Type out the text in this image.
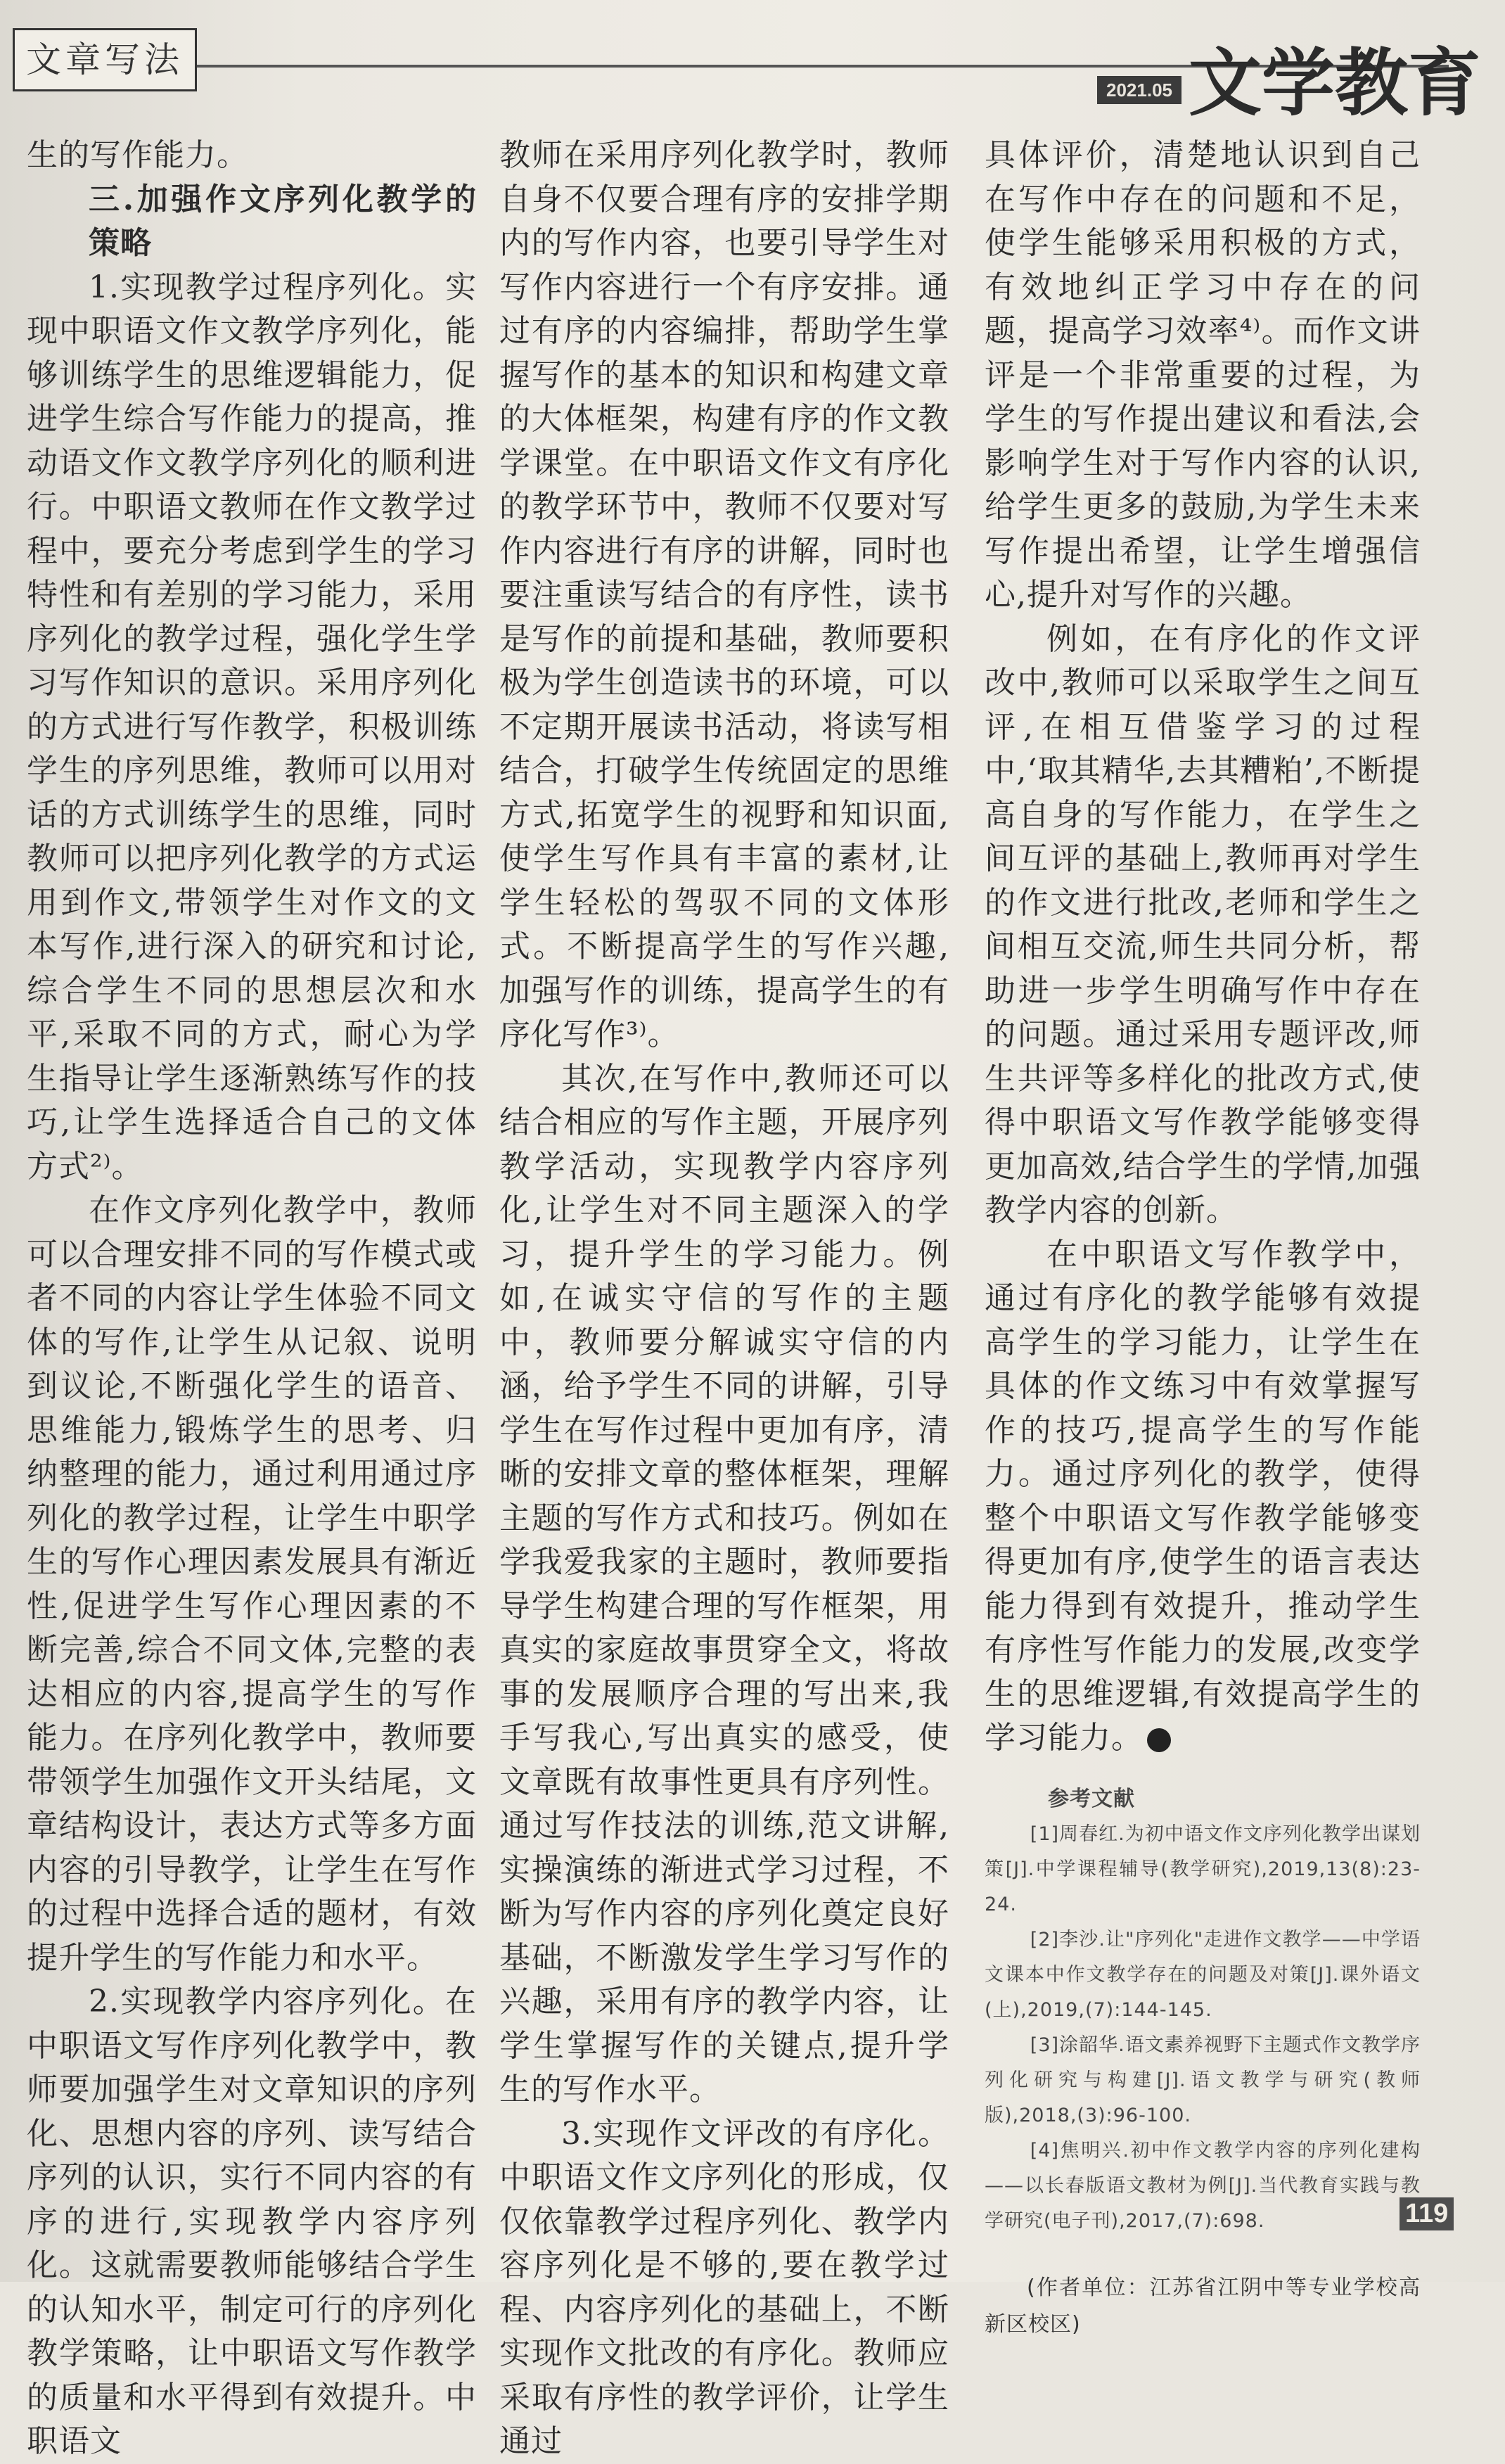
文章写法
2021.05 文学教育

生的写作能力。

三.加强作文序列化教学的策略

1.实现教学过程序列化。实现中职语文作文教学序列化，能够训练学生的思维逻辑能力，促进学生综合写作能力的提高，推动语文作文教学序列化的顺利进行。中职语文教师在作文教学过程中，要充分考虑到学生的学习特性和有差别的学习能力，采用序列化的教学过程，强化学生学习写作知识的意识。采用序列化的方式进行写作教学，积极训练学生的序列思维，教师可以用对话的方式训练学生的思维，同时教师可以把序列化教学的方式运用到作文,带领学生对作文的文本写作,进行深入的研究和讨论,综合学生不同的思想层次和水平,采取不同的方式，耐心为学生指导让学生逐渐熟练写作的技巧,让学生选择适合自己的文体方式²⁾。

在作文序列化教学中，教师可以合理安排不同的写作模式或者不同的内容让学生体验不同文体的写作,让学生从记叙、说明到议论,不断强化学生的语音、思维能力,锻炼学生的思考、归纳整理的能力，通过利用通过序列化的教学过程，让学生中职学生的写作心理因素发展具有渐近性,促进学生写作心理因素的不断完善,综合不同文体,完整的表达相应的内容,提高学生的写作能力。在序列化教学中，教师要带领学生加强作文开头结尾，文章结构设计，表达方式等多方面内容的引导教学，让学生在写作的过程中选择合适的题材，有效提升学生的写作能力和水平。

2.实现教学内容序列化。在中职语文写作序列化教学中，教师要加强学生对文章知识的序列化、思想内容的序列、读写结合序列的认识，实行不同内容的有序的进行,实现教学内容序列化。这就需要教师能够结合学生的认知水平，制定可行的序列化教学策略，让中职语文写作教学的质量和水平得到有效提升。中职语文

教师在采用序列化教学时，教师自身不仅要合理有序的安排学期内的写作内容，也要引导学生对写作内容进行一个有序安排。通过有序的内容编排，帮助学生掌握写作的基本的知识和构建文章的大体框架，构建有序的作文教学课堂。在中职语文作文有序化的教学环节中，教师不仅要对写作内容进行有序的讲解，同时也要注重读写结合的有序性，读书是写作的前提和基础，教师要积极为学生创造读书的环境，可以不定期开展读书活动，将读写相结合，打破学生传统固定的思维方式,拓宽学生的视野和知识面,使学生写作具有丰富的素材,让学生轻松的驾驭不同的文体形式。不断提高学生的写作兴趣,加强写作的训练，提高学生的有序化写作³⁾。

其次,在写作中,教师还可以结合相应的写作主题，开展序列教学活动，实现教学内容序列化,让学生对不同主题深入的学习，提升学生的学习能力。例如,在诚实守信的写作的主题中，教师要分解诚实守信的内涵，给予学生不同的讲解，引导学生在写作过程中更加有序，清晰的安排文章的整体框架，理解主题的写作方式和技巧。例如在学我爱我家的主题时，教师要指导学生构建合理的写作框架，用真实的家庭故事贯穿全文，将故事的发展顺序合理的写出来,我手写我心,写出真实的感受，使文章既有故事性更具有序列性。通过写作技法的训练,范文讲解,实操演练的渐进式学习过程，不断为写作内容的序列化奠定良好基础，不断激发学生学习写作的兴趣，采用有序的教学内容，让学生掌握写作的关键点,提升学生的写作水平。

3.实现作文评改的有序化。中职语文作文序列化的形成，仅仅依靠教学过程序列化、教学内容序列化是不够的,要在教学过程、内容序列化的基础上，不断实现作文批改的有序化。教师应采取有序性的教学评价，让学生通过

具体评价，清楚地认识到自己在写作中存在的问题和不足，使学生能够采用积极的方式，有效地纠正学习中存在的问题，提高学习效率⁴⁾。而作文讲评是一个非常重要的过程，为学生的写作提出建议和看法,会影响学生对于写作内容的认识,给学生更多的鼓励,为学生未来写作提出希望，让学生增强信心,提升对写作的兴趣。

例如，在有序化的作文评改中,教师可以采取学生之间互评,在相互借鉴学习的过程中,‘取其精华,去其糟粕’,不断提高自身的写作能力，在学生之间互评的基础上,教师再对学生的作文进行批改,老师和学生之间相互交流,师生共同分析，帮助进一步学生明确写作中存在的问题。通过采用专题评改,师生共评等多样化的批改方式,使得中职语文写作教学能够变得更加高效,结合学生的学情,加强教学内容的创新。

在中职语文写作教学中，通过有序化的教学能够有效提高学生的学习能力，让学生在具体的作文练习中有效掌握写作的技巧,提高学生的写作能力。通过序列化的教学，使得整个中职语文写作教学能够变得更加有序,使学生的语言表达能力得到有效提升，推动学生有序性写作能力的发展,改变学生的思维逻辑,有效提高学生的学习能力。

参考文献
[1]周春红.为初中语文作文序列化教学出谋划策[J].中学课程辅导(教学研究),2019,13(8):23-24.
[2]李沙.让"序列化"走进作文教学——中学语文课本中作文教学存在的问题及对策[J].课外语文(上),2019,(7):144-145.
[3]涂韶华.语文素养视野下主题式作文教学序列化研究与构建[J].语文教学与研究(教师版),2018,(3):96-100.
[4]焦明兴.初中作文教学内容的序列化建构——以长春版语文教材为例[J].当代教育实践与教学研究(电子刊),2017,(7):698.
(作者单位：江苏省江阴中等专业学校高新区校区)
119
